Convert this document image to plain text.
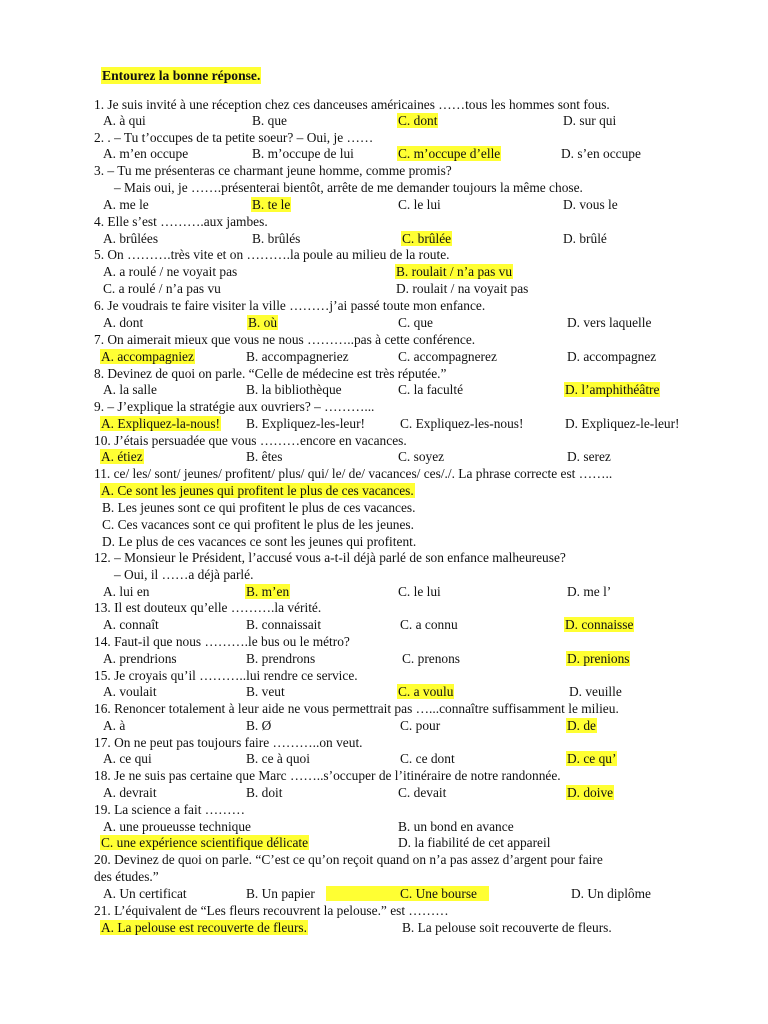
Entourez la bonne réponse.
1. Je suis invité à une réception chez ces danceuses américaines ……tous les hommes sont fous.
A. à qui	B. que	C. dont	D. sur qui
2. . – Tu t’occupes de ta petite soeur? – Oui, je ……
A. m’en occupe	B. m’occupe de lui	C. m’occupe d’elle	D. s’en occupe
3. – Tu me présenteras ce charmant jeune homme, comme promis?
– Mais oui, je …….présenterai bientôt, arrête de me demander toujours la même chose.
A. me le	B. te le	C. le lui	D. vous le
4. Elle s’est ……….aux jambes.
A. brûlées	B. brûlés	C. brûlée	D. brûlé
5. On ……….très vite et on ……….la poule au milieu de la route.
A. a roulé / ne voyait pas	B. roulait / n’a pas vu
C. a roulé / n’a pas vu	D. roulait / na voyait pas
6. Je voudrais te faire visiter la ville ………j’ai passé toute mon enfance.
A. dont	B. où	C. que	D. vers laquelle
7. On aimerait mieux que vous ne nous ………..pas à cette conférence.
A. accompagniez	B. accompagneriez	C. accompagnerez	D. accompagnez
8. Devinez de quoi on parle. “Celle de médecine est très réputée.”
A. la salle	B. la bibliothèque	C. la faculté	D. l’amphithéâtre
9. – J’explique la stratégie aux ouvriers? – ………...
A. Expliquez-la-nous! B. Expliquez-les-leur!	C. Expliquez-les-nous!	D. Expliquez-le-leur!
10. J’étais persuadée que vous ………encore en vacances.
A. étiez	B. êtes	C. soyez	D. serez
11. ce/ les/ sont/ jeunes/ profitent/ plus/ qui/ le/ de/ vacances/ ces/./. La phrase correcte est ……..
A. Ce sont les jeunes qui profitent le plus de ces vacances.
B. Les jeunes sont ce qui profitent le plus de ces vacances.
C. Ces vacances sont ce qui profitent le plus de les jeunes.
D. Le plus de ces vacances ce sont les jeunes qui profitent.
12. – Monsieur le Président, l’accusé vous a-t-il déjà parlé de son enfance malheureuse?
– Oui, il ……a déjà parlé.
A. lui en	B. m’en	C. le lui	D. me l’
13. Il est douteux qu’elle ……….la vérité.
A. connaît	B. connaissait	C. a connu	D. connaisse
14. Faut-il que nous ……….le bus ou le métro?
A. prendrions	B. prendrons	C. prenons	D. prenions
15. Je croyais qu’il ………..lui rendre ce service.
A. voulait	B. veut	C. a voulu	D. veuille
16. Renoncer totalement à leur aide ne vous permettrait pas …...connaître suffisamment le milieu.
A. à	B. Ø	C. pour	D. de
17. On ne peut pas toujours faire ………..on veut.
A. ce qui	B. ce à quoi	C. ce dont	D. ce qu’
18. Je ne suis pas certaine que Marc ……..s’occuper de l’itinéraire de notre randonnée.
A. devrait	B. doit	C. devait	D. doive
19. La science a fait ………
A. une proueusse technique	B. un bond en avance
C. une expérience scientifique délicate	D. la fiabilité de cet appareil
20. Devinez de quoi on parle. “C’est ce qu’on reçoit quand on n’a pas assez d’argent pour faire
des études.”
A. Un certificat	B. Un papier	C. Une bourse	D. Un diplôme
21. L’équivalent de “Les fleurs recouvrent la pelouse.” est ………
A. La pelouse est recouverte de fleurs.	B. La pelouse soit recouverte de fleurs.
